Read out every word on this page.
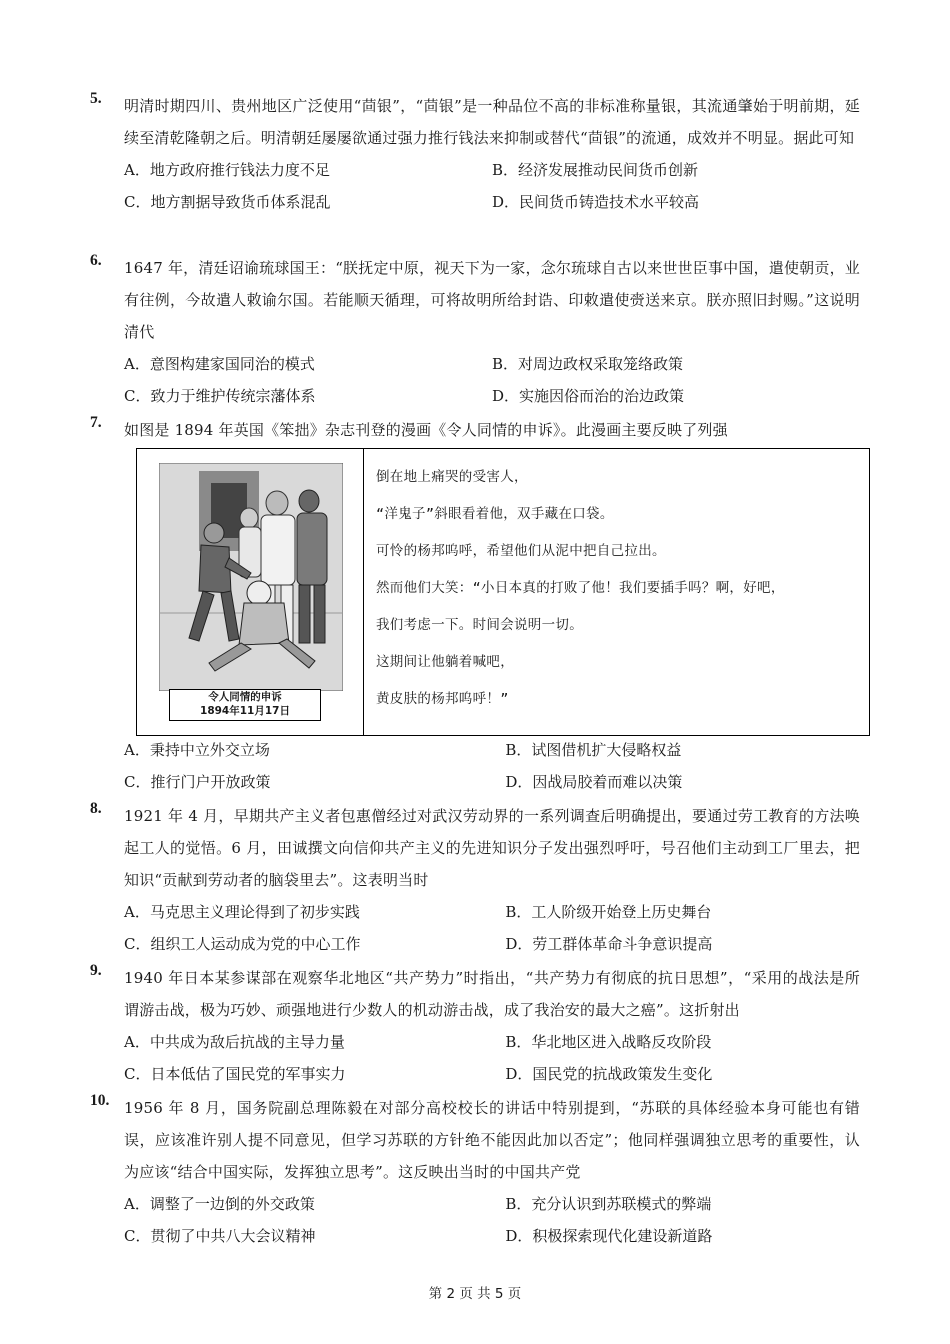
5. 明清时期四川、贵州地区广泛使用“茴银”，“茴银”是一种品位不高的非标准称量银，其流通肇始于明前期，延续至清乾隆朝之后。明清朝廷屡屡欲通过强力推行钱法来抑制或替代“茴银”的流通，成效并不明显。据此可知
A．地方政府推行钱法力度不足	B．经济发展推动民间货币创新
C．地方割据导致货币体系混乱	D．民间货币铸造技术水平较高
6. 1647 年，清廷诏谕琉球国王：“朕抚定中原，视天下为一家，念尔琉球自古以来世世臣事中国，遣使朝贡，业有往例，今故遣人敕谕尔国。若能顺天循理，可将故明所给封诰、印敕遣使赍送来京。朕亦照旧封赐。”这说明清代
A．意图构建家国同治的模式	B．对周边政权采取笼络政策
C．致力于维护传统宗藩体系	D．实施因俗而治的治边政策
7. 如图是 1894 年英国《笨拙》杂志刊登的漫画《令人同情的申诉》。此漫画主要反映了列强
令人同情的申诉
1894年11月17日
倒在地上痛哭的受害人，
“洋鬼子”斜眼看着他，双手藏在口袋。
可怜的杨邦呜呼，希望他们从泥中把自己拉出。
然而他们大笑：“小日本真的打败了他！我们要插手吗？啊，好吧，
我们考虑一下。时间会说明一切。
这期间让他躺着喊吧，
黄皮肤的杨邦呜呼！”
A．秉持中立外交立场	B．试图借机扩大侵略权益
C．推行门户开放政策	D．因战局胶着而难以决策
8. 1921 年 4 月，早期共产主义者包惠僧经过对武汉劳动界的一系列调查后明确提出，要通过劳工教育的方法唤起工人的觉悟。6 月，田诚撰文向信仰共产主义的先进知识分子发出强烈呼吁，号召他们主动到工厂里去，把知识“贡献到劳动者的脑袋里去”。这表明当时
A．马克思主义理论得到了初步实践	B．工人阶级开始登上历史舞台
C．组织工人运动成为党的中心工作	D．劳工群体革命斗争意识提高
9. 1940 年日本某参谋部在观察华北地区“共产势力”时指出，“共产势力有彻底的抗日思想”，“采用的战法是所谓游击战，极为巧妙、顽强地进行少数人的机动游击战，成了我治安的最大之癌”。这折射出
A．中共成为敌后抗战的主导力量	B．华北地区进入战略反攻阶段
C．日本低估了国民党的军事实力	D．国民党的抗战政策发生变化
10. 1956 年 8 月，国务院副总理陈毅在对部分高校校长的讲话中特别提到，“苏联的具体经验本身可能也有错误，应该准许别人提不同意见，但学习苏联的方针绝不能因此加以否定”；他同样强调独立思考的重要性，认为应该“结合中国实际，发挥独立思考”。这反映出当时的中国共产党
A．调整了一边倒的外交政策	B．充分认识到苏联模式的弊端
C．贯彻了中共八大会议精神	D．积极探索现代化建设新道路
第 2 页 共 5 页
